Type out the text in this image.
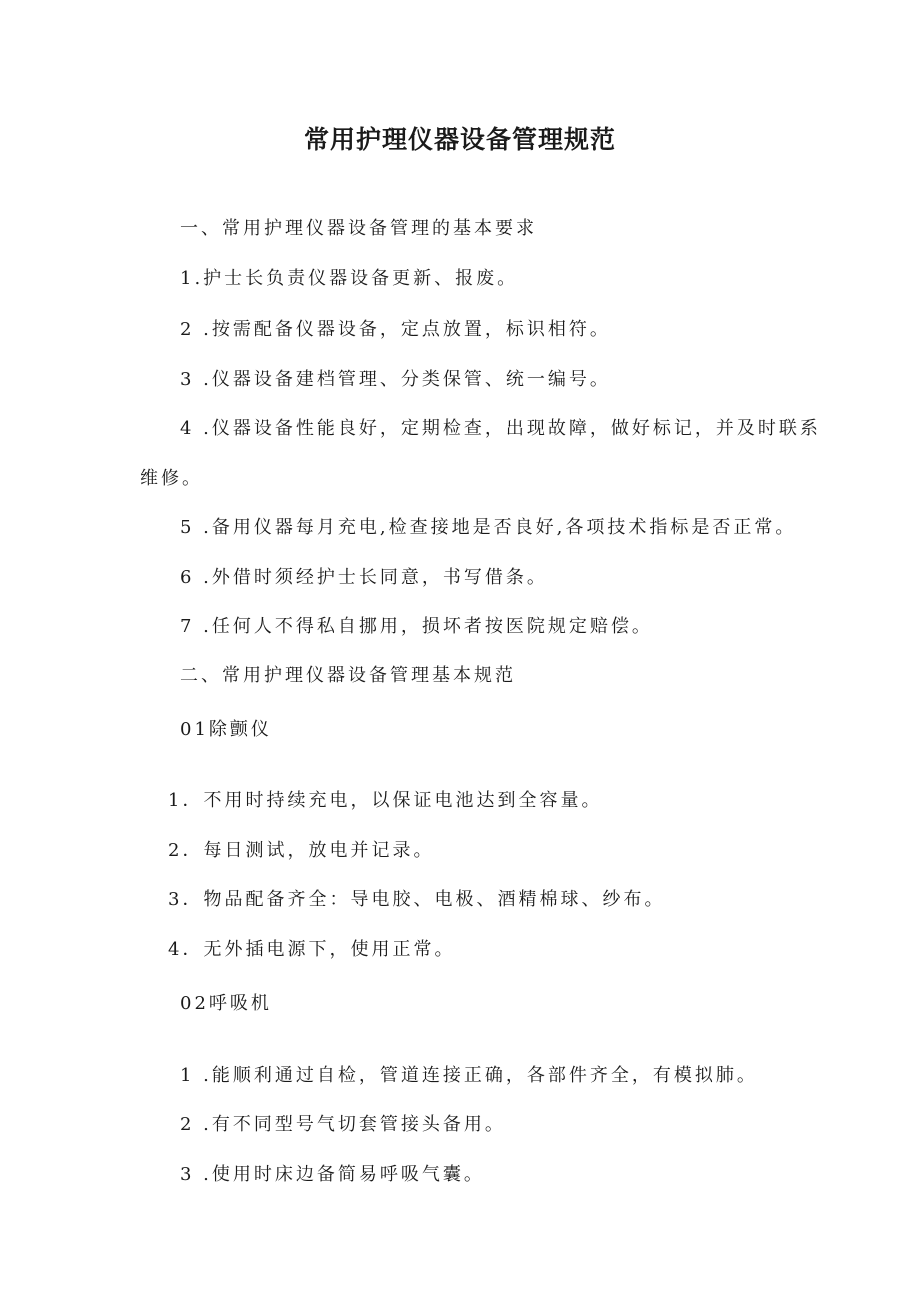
常用护理仪器设备管理规范
一、常用护理仪器设备管理的基本要求
1.护士长负责仪器设备更新、报废。
2 .按需配备仪器设备，定点放置，标识相符。
3 .仪器设备建档管理、分类保管、统一编号。
4 .仪器设备性能良好，定期检查，出现故障，做好标记，并及时联系
维修。
5 .备用仪器每月充电,检查接地是否良好,各项技术指标是否正常。
6 .外借时须经护士长同意，书写借条。
7 .任何人不得私自挪用，损坏者按医院规定赔偿。
二、常用护理仪器设备管理基本规范
01除颤仪
1．不用时持续充电，以保证电池达到全容量。
2．每日测试，放电并记录。
3．物品配备齐全：导电胶、电极、酒精棉球、纱布。
4．无外插电源下，使用正常。
02呼吸机
1 .能顺利通过自检，管道连接正确，各部件齐全，有模拟肺。
2 .有不同型号气切套管接头备用。
3 .使用时床边备简易呼吸气囊。
